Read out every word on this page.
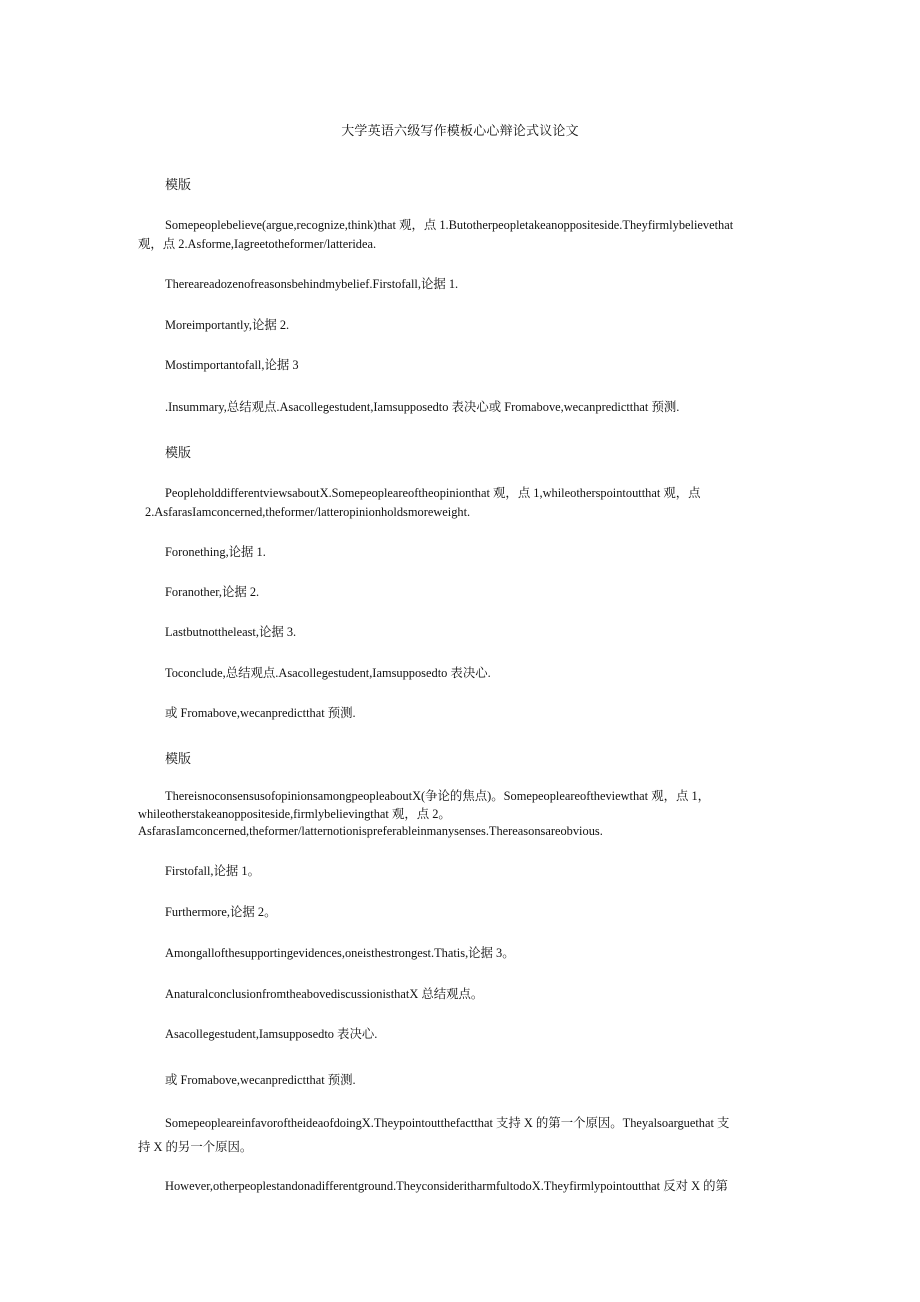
大学英语六级写作模板心心辩论式议论文
模版
Somepeoplebelieve(argue,recognize,think)that 观，点 1.Butotherpeopletakeanoppositeside.Theyfirmlybelievethat
观，点 2.Asforme,Iagreetotheformer/latteridea.
Thereareadozenofreasonsbehindmybelief.Firstofall,论据 1.
Moreimportantly,论据 2.
Mostimportantofall,论据 3
.Insummary,总结观点.Asacollegestudent,Iamsupposedto 表决心或 Fromabove,wecanpredictthat 预测.
模版
PeopleholddifferentviewsaboutX.Somepeopleareoftheopinionthat 观，点 1,whileotherspointoutthat 观，点
2.AsfarasIamconcerned,theformer/latteropinionholdsmoreweight.
Foronething,论据 1.
Foranother,论据 2.
Lastbutnottheleast,论据 3.
Toconclude,总结观点.Asacollegestudent,Iamsupposedto 表决心.
或 Fromabove,wecanpredictthat 预测.
模版
ThereisnoconsensusofopinionsamongpeopleaboutX(争论的焦点)。Somepeopleareoftheviewthat 观，点 1，
whileotherstakeanoppositeside,firmlybelievingthat 观，点 2。
AsfarasIamconcerned,theformer/latternotionispreferableinmanysenses.Thereasonsareobvious.
Firstofall,论据 1。
Furthermore,论据 2。
Amongallofthesupportingevidences,oneisthestrongest.Thatis,论据 3。
AnaturalconclusionfromtheabovediscussionisthatX 总结观点。
Asacollegestudent,Iamsupposedto 表决心.
或 Fromabove,wecanpredictthat 预测.
SomepeopleareinfavoroftheideaofdoingX.Theypointoutthefactthat 支持 X 的第一个原因。Theyalsoarguethat 支
持 X 的另一个原因。
However,otherpeoplestandonadifferentground.TheyconsideritharmfultodoX.Theyfirmlypointoutthat 反对 X 的第
